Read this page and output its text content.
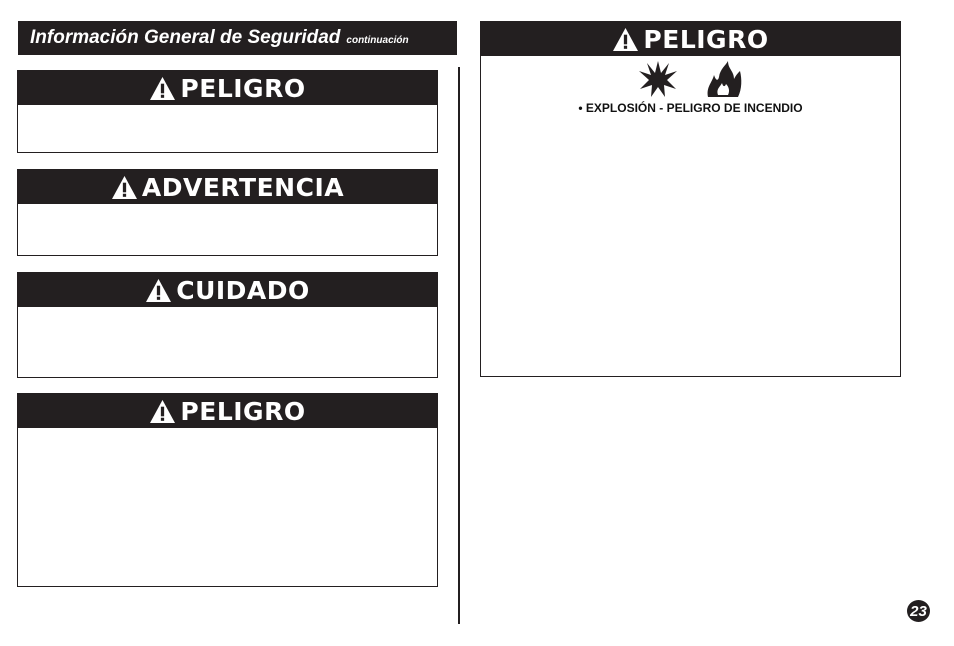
Información General de Seguridad continuación
PELIGRO
ADVERTENCIA
CUIDADO
PELIGRO
PELIGRO
• EXPLOSIÓN - PELIGRO DE INCENDIO
23
